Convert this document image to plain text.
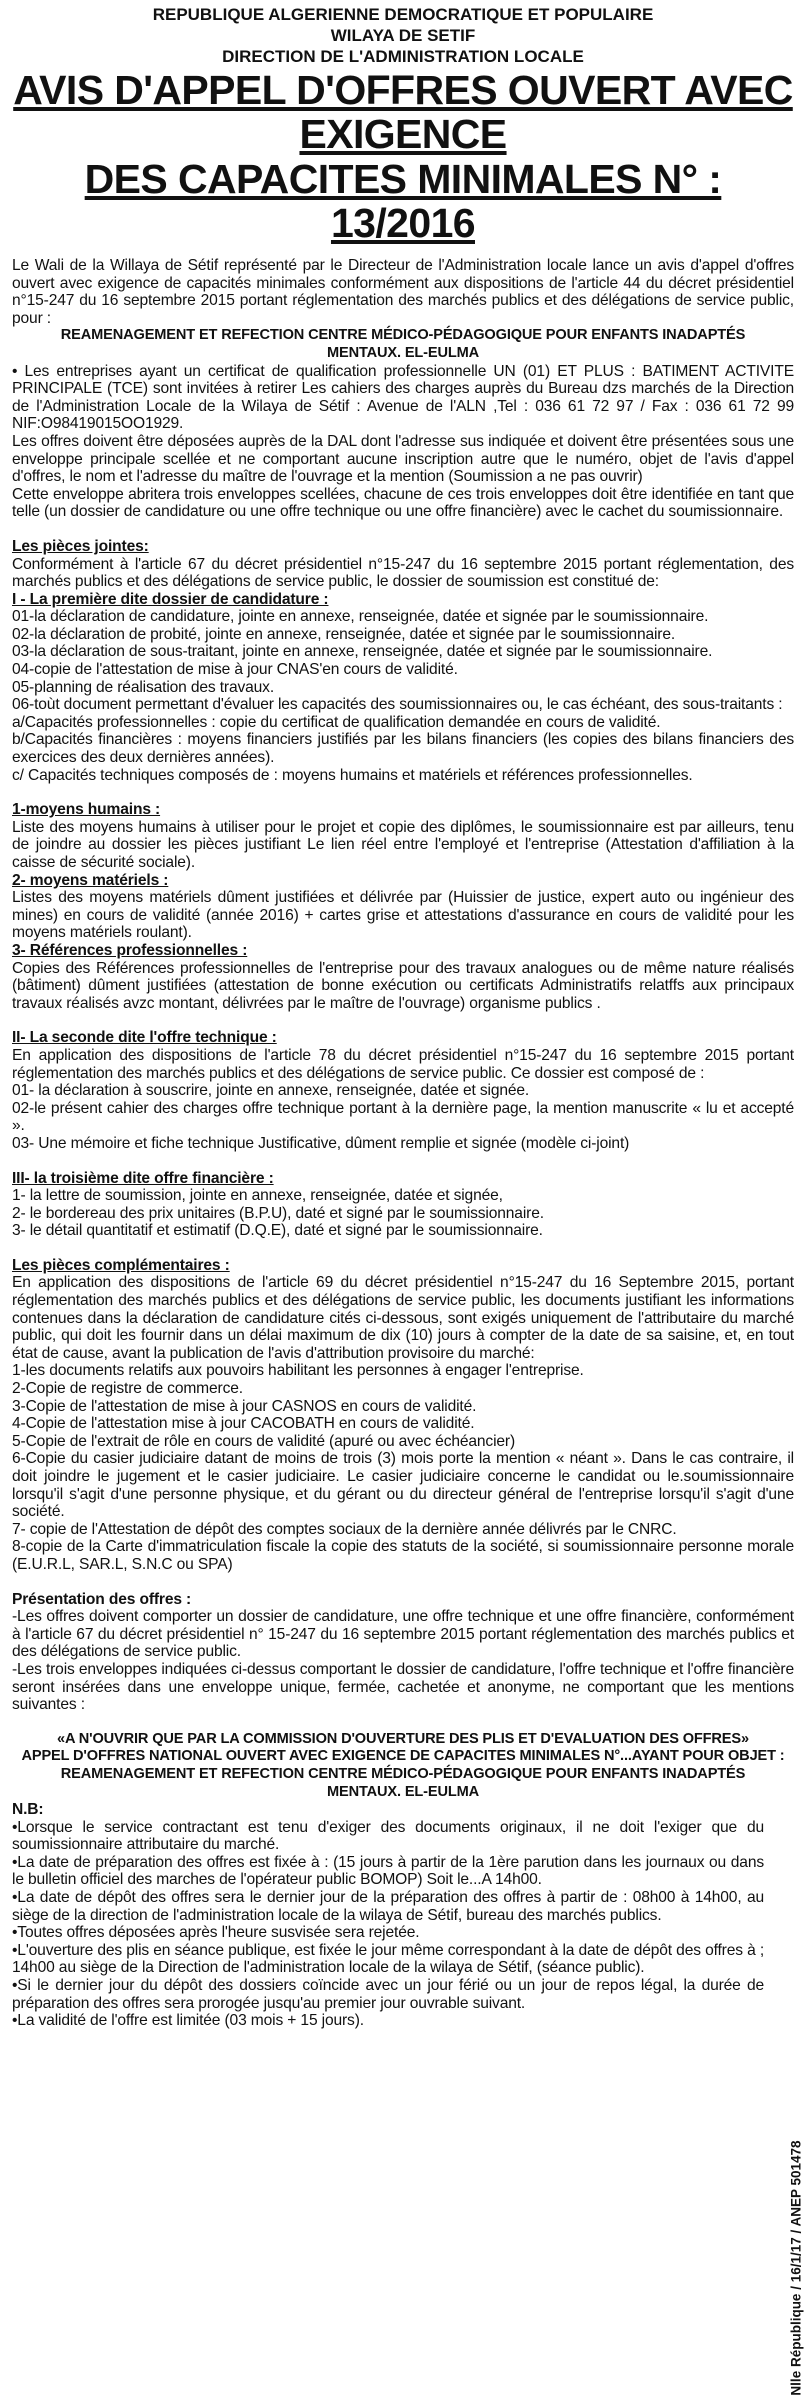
REPUBLIQUE ALGERIENNE DEMOCRATIQUE ET POPULAIRE
WILAYA DE SETIF
DIRECTION DE L'ADMINISTRATION LOCALE
AVIS D'APPEL D'OFFRES OUVERT AVEC EXIGENCE
DES CAPACITES MINIMALES N° : 13/2016

Le Wali de la Willaya de Sétif représenté par le Directeur de l'Administration locale lance un avis d'appel d'offres ouvert avec exigence de capacités minimales conformément aux dispositions de l'article 44 du décret présidentiel n°15-247 du 16 septembre 2015 portant réglementation des marchés publics et des délégations de service public, pour :

REAMENAGEMENT ET REFECTION CENTRE MÉDICO-PÉDAGOGIQUE POUR ENFANTS INADAPTÉS
MENTAUX. EL-EULMA

• Les entreprises ayant un certificat de qualification professionnelle UN (01) ET PLUS : BATIMENT ACTIVITE PRINCIPALE (TCE) sont invitées à retirer Les cahiers des charges auprès du Bureau dzs marchés de la Direction de l'Administration Locale de la Wilaya de Sétif : Avenue de l'ALN ,Tel : 036 61 72 97 / Fax : 036 61 72 99 NIF:O98419015OO1929.

Les offres doivent être déposées auprès de la DAL dont l'adresse sus indiquée et doivent être présentées sous une enveloppe principale scellée et ne comportant aucune inscription autre que le numéro, objet de l'avis d'appel d'offres, le nom et l'adresse du maître de l'ouvrage et la mention (Soumission a ne pas ouvrir)

Cette enveloppe abritera trois enveloppes scellées, chacune de ces trois enveloppes doit être identifiée en tant que telle (un dossier de candidature ou une offre technique ou une offre financière) avec le cachet du soumissionnaire.

Les pièces jointes:

Conformément à l'article 67 du décret présidentiel n°15-247 du 16 septembre 2015 portant réglementation, des marchés publics et des délégations de service public, le dossier de soumission est constitué de:

I - La première dite dossier de candidature :

01-la déclaration de candidature, jointe en annexe, renseignée, datée et signée par le soumissionnaire.

02-la déclaration de probité, jointe en annexe, renseignée, datée et signée par le soumissionnaire.

03-la déclaration de sous-traitant, jointe en annexe, renseignée, datée et signée par le soumissionnaire.

04-copie de l'attestation de mise à jour CNAS'en cours de validité.

05-planning de réalisation des travaux.

06-toùt document permettant d'évaluer les capacités des soumissionnaires ou, le cas échéant, des sous-traitants :

a/Capacités professionnelles : copie du certificat de qualification demandée en cours de validité.

b/Capacités financières : moyens financiers justifiés par les bilans financiers (les copies des bilans financiers des exercices des deux dernières années).

c/ Capacités techniques composés de : moyens humains et matériels et références professionnelles.

1-moyens humains :

Liste des moyens humains à utiliser pour le projet et copie des diplômes, le soumissionnaire est par ailleurs, tenu de joindre au dossier les pièces justifiant Le lien réel entre l'employé et l'entreprise (Attestation d'affiliation à la caisse de sécurité sociale).

2- moyens matériels :

Listes des moyens matériels dûment justifiées et délivrée par (Huissier de justice, expert auto ou ingénieur des mines) en cours de validité (année 2016) + cartes grise et attestations d'assurance en cours de validité pour les moyens matériels roulant).

3- Références professionnelles :

Copies des Références professionnelles de l'entreprise pour des travaux analogues ou de même nature réalisés (bâtiment) dûment justifiées (attestation de bonne exécution ou certificats Administratifs relatffs aux principaux travaux réalisés avzc montant, délivrées par le maître de l'ouvrage) organisme publics .

II- La seconde dite l'offre technique :

En application des dispositions de l'article 78 du décret présidentiel n°15-247 du 16 septembre 2015 portant réglementation des marchés publics et des délégations de service public. Ce dossier est composé de :

01- la déclaration à souscrire, jointe en annexe, renseignée, datée et signée.

02-le présent cahier des charges offre technique portant à la dernière page, la mention manuscrite « lu et accepté ».

03- Une mémoire et fiche technique Justificative, dûment remplie et signée (modèle ci-joint)

III- la troisième dite offre financière :

1- la lettre de soumission, jointe en annexe, renseignée, datée et signée,

2- le bordereau des prix unitaires (B.P.U), daté et signé par le soumissionnaire.

3- le détail quantitatif et estimatif (D.Q.E), daté et signé par le soumissionnaire.

Les pièces complémentaires :

En application des dispositions de l'article 69 du décret présidentiel n°15-247 du 16 Septembre 2015, portant réglementation des marchés publics et des délégations de service public, les documents justifiant les informations contenues dans la déclaration de candidature cités ci-dessous, sont exigés uniquement de l'attributaire du marché public, qui doit les fournir dans un délai maximum de dix (10) jours à compter de la date de sa saisine, et, en tout état de cause, avant la publication de l'avis d'attribution provisoire du marché:

1-les documents relatifs aux pouvoirs habilitant les personnes à engager l'entreprise.

2-Copie de registre de commerce.

3-Copie de l'attestation de mise à jour CASNOS en cours de validité.

4-Copie de l'attestation mise à jour CACOBATH en cours de validité.

5-Copie de l'extrait de rôle en cours de validité (apuré ou avec échéancier)

6-Copie du casier judiciaire datant de moins de trois (3) mois porte la mention « néant ». Dans le cas contraire, il doit joindre le jugement et le casier judiciaire. Le casier judiciaire concerne le candidat ou le.soumissionnaire lorsqu'il s'agit d'une personne physique, et du gérant ou du directeur général de l'entreprise lorsqu'il s'agit d'une société.

7- copie de l'Attestation de dépôt des comptes sociaux de la dernière année délivrés par le CNRC.

8-copie de la Carte d'immatriculation fiscale la copie des statuts de la société, si soumissionnaire personne morale (E.U.R.L, SAR.L, S.N.C ou SPA)

Présentation des offres :

-Les offres doivent comporter un dossier de candidature, une offre technique et une offre financière, conformément à l'article 67 du décret présidentiel n° 15-247 du 16 septembre 2015 portant réglementation des marchés publics et des délégations de service public.

-Les trois enveloppes indiquées ci-dessus comportant le dossier de candidature, l'offre technique et l'offre financière seront insérées dans une enveloppe unique, fermée, cachetée et anonyme, ne comportant que les mentions suivantes :

«A N'OUVRIR QUE PAR LA COMMISSION D'OUVERTURE DES PLIS ET D'EVALUATION DES OFFRES»
APPEL D'OFFRES NATIONAL OUVERT AVEC EXIGENCE DE CAPACITES MINIMALES N°...AYANT POUR OBJET :
REAMENAGEMENT ET REFECTION CENTRE MÉDICO-PÉDAGOGIQUE POUR ENFANTS INADAPTÉS
MENTAUX. EL-EULMA
N.B:

•Lorsque le service contractant est tenu d'exiger des documents originaux, il ne doit l'exiger que du soumissionnaire attributaire du marché.

•La date de préparation des offres est fixée à : (15 jours à partir de la 1ère parution dans les journaux ou dans le bulletin officiel des marches de l'opérateur public BOMOP) Soit le...A 14h00.

•La date de dépôt des offres sera le dernier jour de la préparation des offres à partir de : 08h00 à 14h00, au siège de la direction de l'administration locale de la wilaya de Sétif, bureau des marchés publics.

•Toutes offres déposées après l'heure susvisée sera rejetée.

•L'ouverture des plis en séance publique, est fixée le jour même correspondant à la date de dépôt des offres à ; 14h00 au siège de la Direction de l'administration locale de la wilaya de Sétif, (séance public).

•Si le dernier jour du dépôt des dossiers coïncide avec un jour férié ou un jour de repos légal, la durée de préparation des offres sera prorogée jusqu'au premier jour ouvrable suivant.

•La validité de l'offre est limitée (03 mois + 15 jours).

Nlle République / 16/1/17 / ANEP 501478
